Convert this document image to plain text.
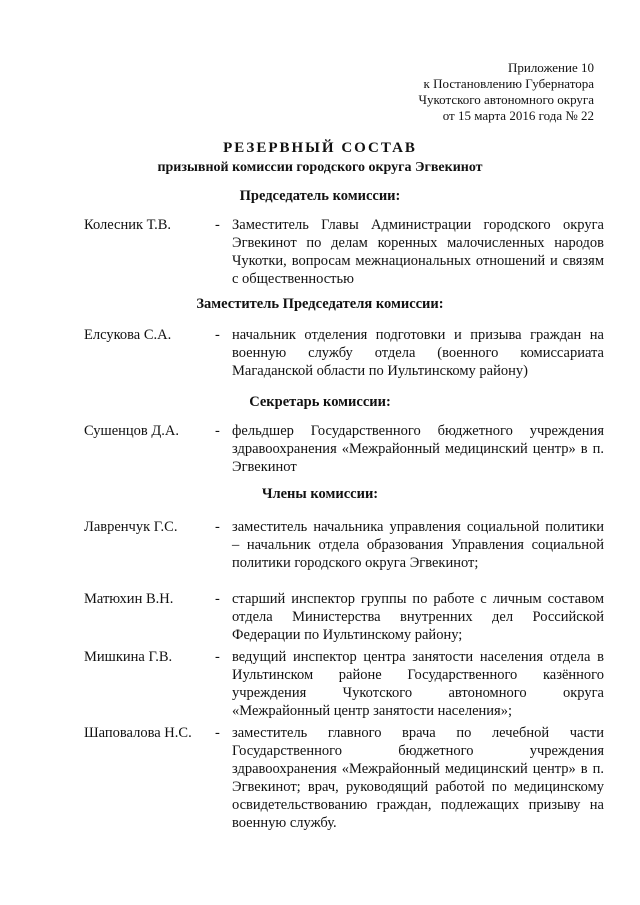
Приложение 10
к Постановлению Губернатора
Чукотского автономного округа
от 15 марта 2016 года № 22
РЕЗЕРВНЫЙ СОСТАВ
призывной комиссии городского округа Эгвекинот
Председатель комиссии:
Колесник Т.В.	- Заместитель Главы Администрации городского округа Эгвекинот по делам коренных малочисленных народов Чукотки, вопросам межнациональных отношений и связям с общественностью
Заместитель Председателя комиссии:
Елсукова С.А.	- начальник отделения подготовки и призыва граждан на военную службу отдела (военного комиссариата Магаданской области по Иультинскому району)
Секретарь комиссии:
Сушенцов Д.А. - фельдшер Государственного бюджетного учреждения здравоохранения «Межрайонный медицинский центр» в п. Эгвекинот
Члены комиссии:
Лавренчук Г.С.	- заместитель начальника управления социальной политики – начальник отдела образования Управления социальной политики городского округа Эгвекинот;
Матюхин В.Н.	- старший инспектор группы по работе с личным составом отдела Министерства внутренних дел Российской Федерации по Иультинскому району;
Мишкина Г.В.	- ведущий инспектор центра занятости населения отдела в Иультинском районе Государственного казённого учреждения Чукотского автономного округа «Межрайонный центр занятости населения»;
Шаповалова Н.С. - заместитель главного врача по лечебной части Государственного бюджетного учреждения здравоохранения «Межрайонный медицинский центр» в п. Эгвекинот; врач, руководящий работой по медицинскому освидетельствованию граждан, подлежащих призыву на военную службу.
